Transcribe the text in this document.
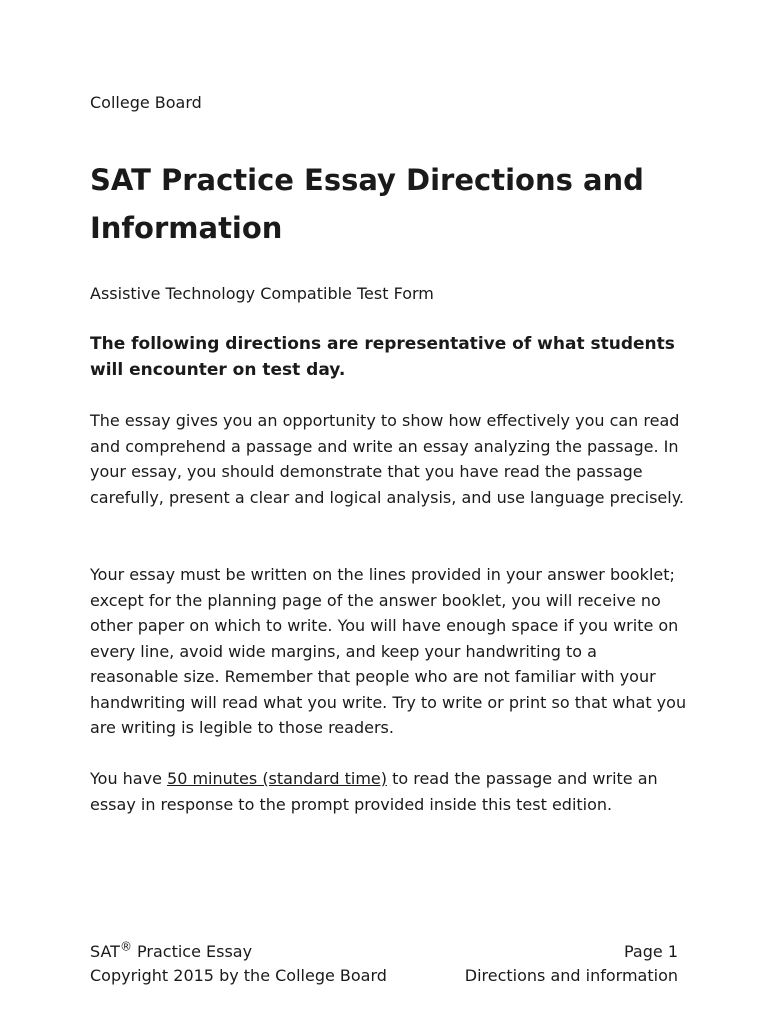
College Board
SAT Practice Essay Directions and Information
Assistive Technology Compatible Test Form

The following directions are representative of what students will encounter on test day.

The essay gives you an opportunity to show how effectively you can read and comprehend a passage and write an essay analyzing the passage. In your essay, you should demonstrate that you have read the passage carefully, present a clear and logical analysis, and use language precisely.

Your essay must be written on the lines provided in your answer booklet; except for the planning page of the answer booklet, you will receive no other paper on which to write. You will have enough space if you write on every line, avoid wide margins, and keep your handwriting to a reasonable size. Remember that people who are not familiar with your handwriting will read what you write. Try to write or print so that what you are writing is legible to those readers.

You have 50 minutes (standard time) to read the passage and write an essay in response to the prompt provided inside this test edition.

SAT® Practice Essay	Page 1
Copyright 2015 by the College Board	Directions and information
